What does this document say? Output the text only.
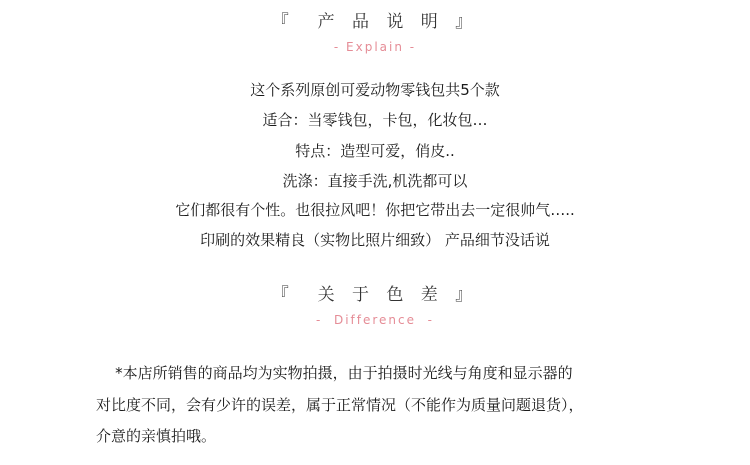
『  产 品 说 明 』
- Explain -
这个系列原创可爱动物零钱包共5个款
适合：当零钱包，卡包，化妆包…
特点：造型可爱，俏皮..
洗涤：直接手洗,机洗都可以
它们都很有个性。也很拉风吧！你把它带出去一定很帅气…..
印刷的效果精良（实物比照片细致） 产品细节没话说
『  关 于 色 差 』
-  Difference  -
*本店所销售的商品均为实物拍摄，由于拍摄时光线与角度和显示器的
对比度不同，会有少许的误差，属于正常情况（不能作为质量问题退货），
介意的亲慎拍哦。
